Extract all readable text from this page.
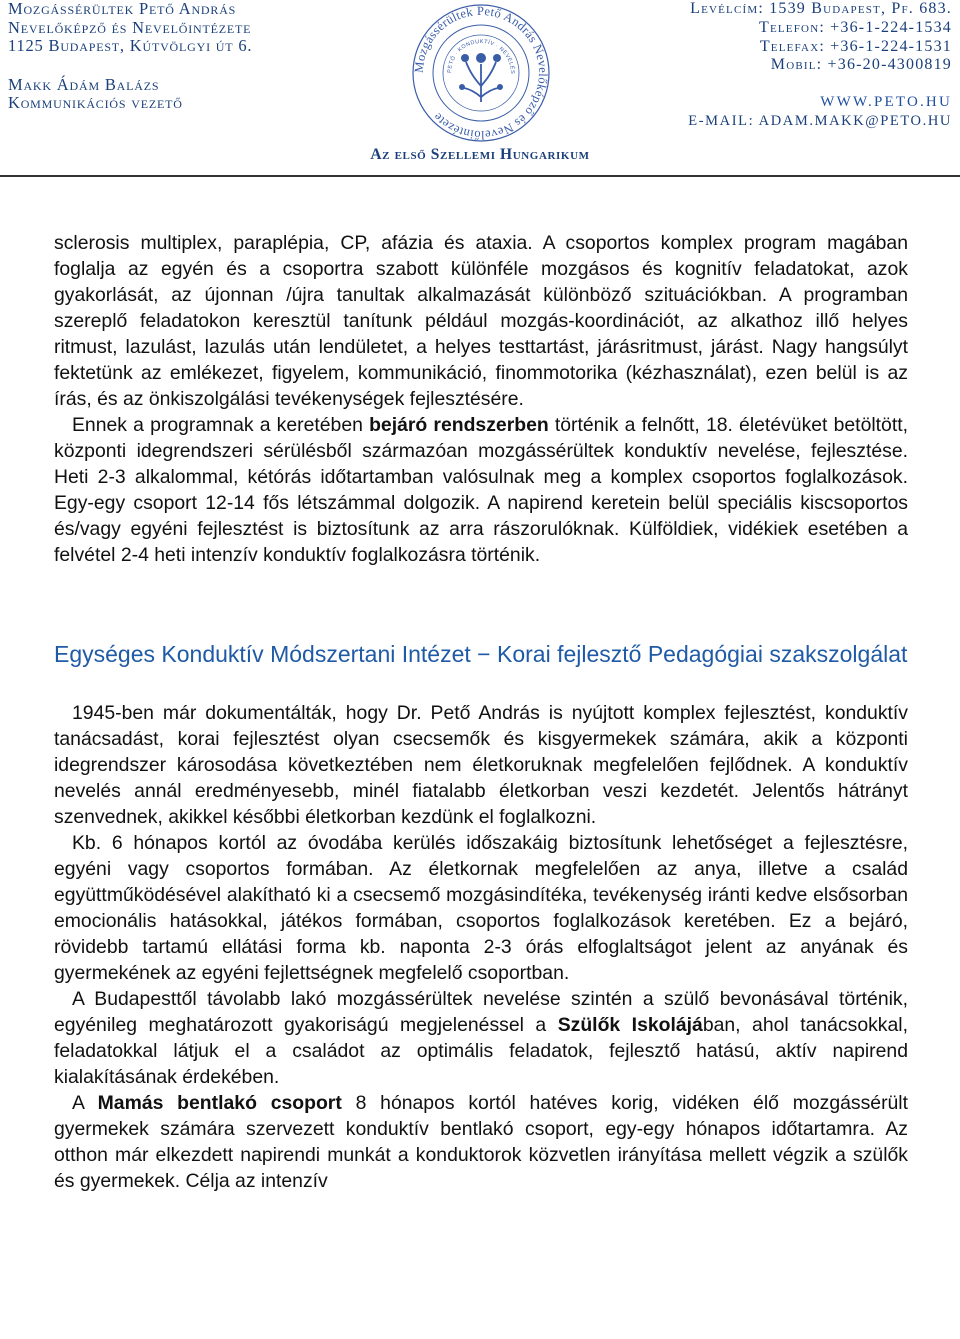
Mozgássérültek Pető András
Nevelőképző és Nevelőintézete
1125 Budapest, Kútvölgyi út 6.
Makk Ádám Balázs
Kommunikációs vezető
Mozgássérültek Pető András Nevelőképző és Nevelőintézete
PETŐ · KONDUKTÍV · NEVELÉS
Levélcím: 1539 Budapest, Pf. 683.
Telefon: +36-1-224-1534
Telefax: +36-1-224-1531
Mobil: +36-20-4300819
WWW.PETO.HU
E-MAIL: ADAM.MAKK@PETO.HU
Az első Szellemi Hungarikum

sclerosis multiplex, paraplépia, CP, afázia és ataxia. A csoportos komplex program magában foglalja az egyén és a csoportra szabott különféle mozgásos és kognitív feladatokat, azok gyakorlását, az újonnan /újra tanultak alkalmazását különböző szituációkban. A programban szereplő feladatokon keresztül tanítunk például mozgás-koordinációt, az alkathoz illő helyes ritmust, lazulást, lazulás után lendületet, a helyes testtartást, járásritmust, járást. Nagy hangsúlyt fektetünk az emlékezet, figyelem, kommunikáció, finommotorika (kézhasználat), ezen belül is az írás, és az önkiszolgálási tevékenységek fejlesztésére.

Ennek a programnak a keretében bejáró rendszerben történik a felnőtt, 18. életévüket betöltött, központi idegrendszeri sérülésből származóan mozgássérültek konduktív nevelése, fejlesztése. Heti 2-3 alkalommal, kétórás időtartamban valósulnak meg a komplex csoportos foglalkozások. Egy-egy csoport 12-14 fős létszámmal dolgozik. A napirend keretein belül speciális kiscsoportos és/vagy egyéni fejlesztést is biztosítunk az arra rászorulóknak. Külföldiek, vidékiek esetében a felvétel 2-4 heti intenzív konduktív foglalkozásra történik.

Egységes Konduktív Módszertani Intézet − Korai fejlesztő Pedagógiai szakszolgálat

1945-ben már dokumentálták, hogy Dr. Pető András is nyújtott komplex fejlesztést, konduktív tanácsadást, korai fejlesztést olyan csecsemők és kisgyermekek számára, akik a központi idegrendszer károsodása következtében nem életkoruknak megfelelően fejlődnek. A konduktív nevelés annál eredményesebb, minél fiatalabb életkorban veszi kezdetét. Jelentős hátrányt szenvednek, akikkel későbbi életkorban kezdünk el foglalkozni.

Kb. 6 hónapos kortól az óvodába kerülés időszakáig biztosítunk lehetőséget a fejlesztésre, egyéni vagy csoportos formában. Az életkornak megfelelően az anya, illetve a család együttműködésével alakítható ki a csecsemő mozgásindítéka, tevékenység iránti kedve elsősorban emocionális hatásokkal, játékos formában, csoportos foglalkozások keretében. Ez a bejáró, rövidebb tartamú ellátási forma kb. naponta 2-3 órás elfoglaltságot jelent az anyának és gyermekének az egyéni fejlettségnek megfelelő csoportban.

A Budapesttől távolabb lakó mozgássérültek nevelése szintén a szülő bevonásával történik, egyénileg meghatározott gyakoriságú megjelenéssel a Szülők Iskolájában, ahol tanácsokkal, feladatokkal látjuk el a családot az optimális feladatok, fejlesztő hatású, aktív napirend kialakításának érdekében.

A Mamás bentlakó csoport 8 hónapos kortól hatéves korig, vidéken élő mozgássérült gyermekek számára szervezett konduktív bentlakó csoport, egy-egy hónapos időtartamra. Az otthon már elkezdett napirendi munkát a konduktorok közvetlen irányítása mellett végzik a szülők és gyermekek. Célja az intenzív
